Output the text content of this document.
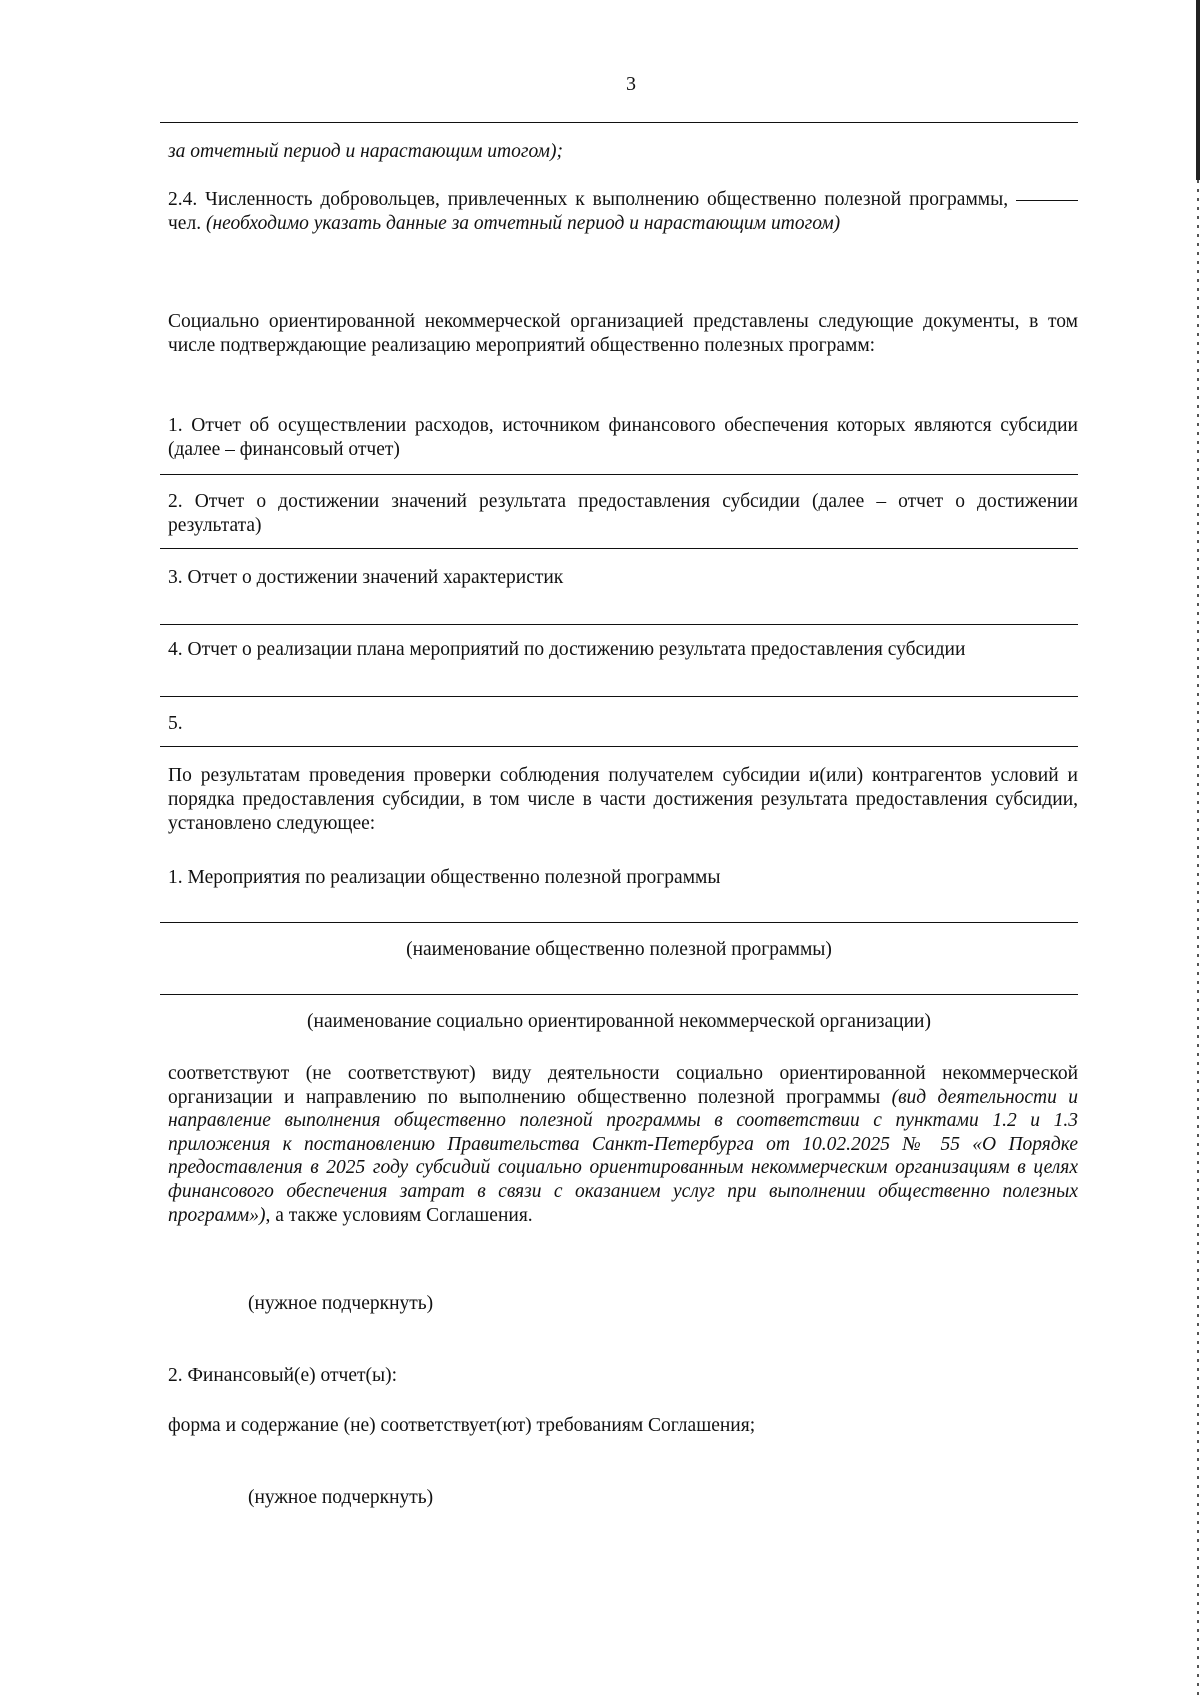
3
за отчетный период и нарастающим итогом);
2.4. Численность добровольцев, привлеченных к выполнению общественно полезной программы,  чел. (необходимо указать данные за отчетный период и нарастающим итогом)
Социально ориентированной некоммерческой организацией представлены следующие документы, в том числе подтверждающие реализацию мероприятий общественно полезных программ:
1. Отчет об осуществлении расходов, источником финансового обеспечения которых являются субсидии (далее – финансовый отчет)
2. Отчет о достижении значений результата предоставления субсидии (далее – отчет о достижении результата)
3. Отчет о достижении значений характеристик
4. Отчет о реализации плана мероприятий по достижению результата предоставления субсидии
5.
По результатам проведения проверки соблюдения получателем субсидии и(или) контрагентов условий и порядка предоставления субсидии, в том числе в части достижения результата предоставления субсидии, установлено следующее:
1. Мероприятия по реализации общественно полезной программы
(наименование общественно полезной программы)
(наименование социально ориентированной некоммерческой организации)
соответствуют (не соответствуют) виду деятельности социально ориентированной некоммерческой организации и направлению по выполнению общественно полезной программы (вид деятельности и направление выполнения общественно полезной программы в соответствии с пунктами 1.2 и 1.3 приложения к постановлению Правительства Санкт-Петербурга от 10.02.2025 № 55 «О Порядке предоставления в 2025 году субсидий социально ориентированным некоммерческим организациям в целях финансового обеспечения затрат в связи с оказанием услуг при выполнении общественно полезных программ»), а также условиям Соглашения.
(нужное подчеркнуть)
2. Финансовый(е) отчет(ы):
форма и содержание (не) соответствует(ют) требованиям Соглашения;
(нужное подчеркнуть)
